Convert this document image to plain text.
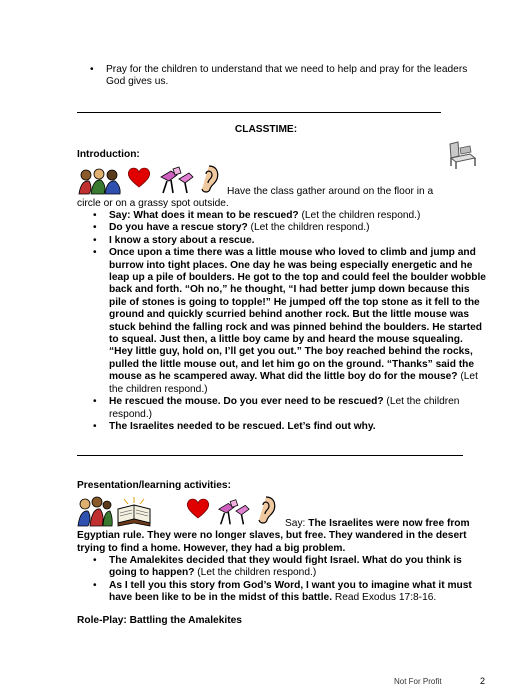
• Pray for the children to understand that we need to help and pray for the leaders God gives us.
CLASSTIME:
Introduction:
Have the class gather around on the floor in a circle or on a grassy spot outside.
• Say: What does it mean to be rescued? (Let the children respond.)
• Do you have a rescue story? (Let the children respond.)
• I know a story about a rescue.
• Once upon a time there was a little mouse who loved to climb and jump and burrow into tight places. One day he was being especially energetic and he leap up a pile of boulders. He got to the top and could feel the boulder wobble back and forth. “Oh no,” he thought, “I had better jump down because this pile of stones is going to topple!” He jumped off the top stone as it fell to the ground and quickly scurried behind another rock. But the little mouse was stuck behind the falling rock and was pinned behind the boulders. He started to squeal. Just then, a little boy came by and heard the mouse squealing. “Hey little guy, hold on, I’ll get you out.” The boy reached behind the rocks, pulled the little mouse out, and let him go on the ground. “Thanks” said the mouse as he scampered away. What did the little boy do for the mouse? (Let the children respond.)
• He rescued the mouse. Do you ever need to be rescued? (Let the children respond.)
• The Israelites needed to be rescued. Let’s find out why.
Presentation/learning activities:
Say: The Israelites were now free from Egyptian rule. They were no longer slaves, but free. They wandered in the desert trying to find a home. However, they had a big problem.
• The Amalekites decided that they would fight Israel. What do you think is going to happen? (Let the children respond.)
• As I tell you this story from God’s Word, I want you to imagine what it must have been like to be in the midst of this battle. Read Exodus 17:8-16.
Role-Play: Battling the Amalekites
Not For Profit	2
